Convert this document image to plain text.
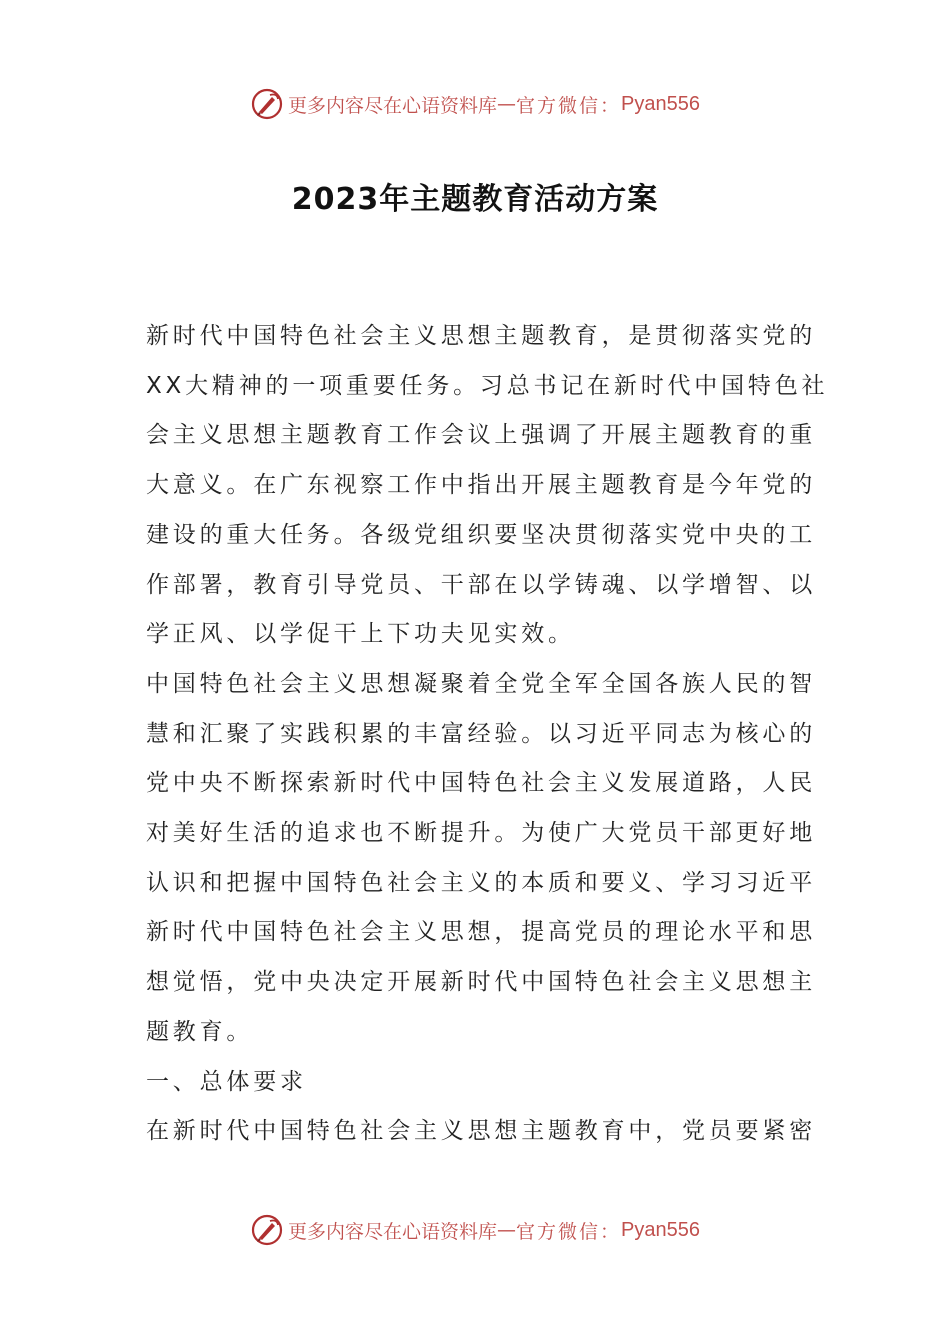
更多内容尽在心语资料库 — 官方微信： Pyan556
2023年主题教育活动方案
新时代中国特色社会主义思想主题教育，是贯彻落实党的
XX大精神的一项重要任务。习总书记在新时代中国特色社
会主义思想主题教育工作会议上强调了开展主题教育的重
大意义。在广东视察工作中指出开展主题教育是今年党的
建设的重大任务。各级党组织要坚决贯彻落实党中央的工
作部署，教育引导党员、干部在以学铸魂、以学增智、以
学正风、以学促干上下功夫见实效。
中国特色社会主义思想凝聚着全党全军全国各族人民的智
慧和汇聚了实践积累的丰富经验。以习近平同志为核心的
党中央不断探索新时代中国特色社会主义发展道路，人民
对美好生活的追求也不断提升。为使广大党员干部更好地
认识和把握中国特色社会主义的本质和要义、学习习近平
新时代中国特色社会主义思想，提高党员的理论水平和思
想觉悟，党中央决定开展新时代中国特色社会主义思想主
题教育。
一、总体要求
在新时代中国特色社会主义思想主题教育中，党员要紧密
更多内容尽在心语资料库 — 官方微信： Pyan556
